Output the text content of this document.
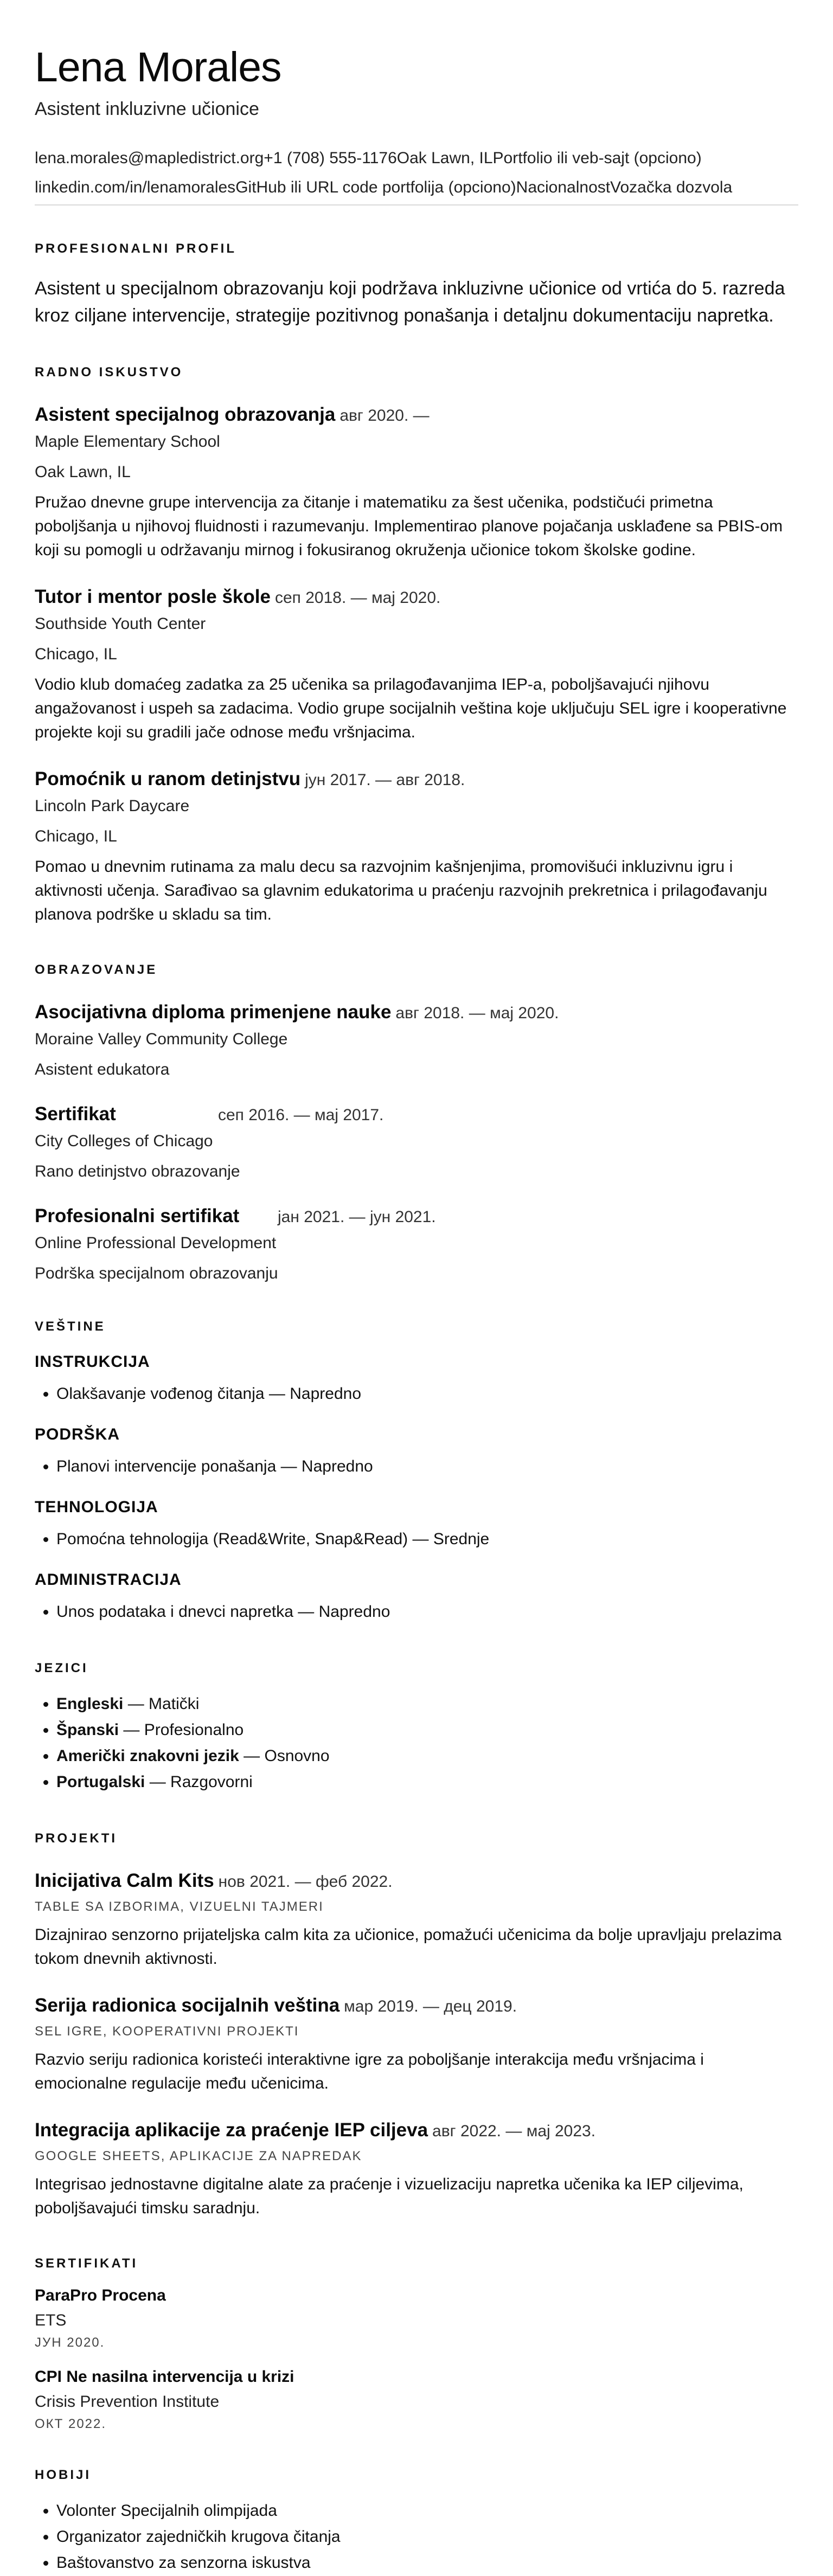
Lena Morales
Asistent inkluzivne učionice
lena.morales@mapledistrict.org+1 (708) 555-1176Oak Lawn, ILPortfolio ili veb-sajt (opciono)
linkedin.com/in/lenamoralesGitHub ili URL code portfolija (opciono)NacionalnostVozačka dozvola
PROFESIONALNI PROFIL
Asistent u specijalnom obrazovanju koji podržava inkluzivne učionice od vrtića do 5. razreda kroz ciljane intervencije, strategije pozitivnog ponašanja i detaljnu dokumentaciju napretka.
RADNO ISKUSTVO
Asistent specijalnog obrazovanja авг 2020. —
Maple Elementary School
Oak Lawn, IL
Pružao dnevne grupe intervencija za čitanje i matematiku za šest učenika, podstičući primetna poboljšanja u njihovoj fluidnosti i razumevanju. Implementirao planove pojačanja usklađene sa PBIS-om koji su pomogli u održavanju mirnog i fokusiranog okruženja učionice tokom školske godine.
Tutor i mentor posle škole сеп 2018. — мај 2020.
Southside Youth Center
Chicago, IL
Vodio klub domaćeg zadatka za 25 učenika sa prilagođavanjima IEP-a, poboljšavajući njihovu angažovanost i uspeh sa zadacima. Vodio grupe socijalnih veština koje uključuju SEL igre i kooperativne projekte koji su gradili jače odnose među vršnjacima.
Pomoćnik u ranom detinjstvu јун 2017. — авг 2018.
Lincoln Park Daycare
Chicago, IL
Pomao u dnevnim rutinama za malu decu sa razvojnim kašnjenjima, promovišući inkluzivnu igru i aktivnosti učenja. Sarađivao sa glavnim edukatorima u praćenju razvojnih prekretnica i prilagođavanju planova podrške u skladu sa tim.
OBRAZOVANJE
Asocijativna diploma primenjene nauke авг 2018. — мај 2020.
Moraine Valley Community College
Asistent edukatora
Sertifikat	сеп 2016. — мај 2017.
City Colleges of Chicago
Rano detinjstvo obrazovanje
Profesionalni sertifikat	јан 2021. — јун 2021.
Online Professional Development
Podrška specijalnom obrazovanju
VEŠTINE
INSTRUKCIJA
• Olakšavanje vođenog čitanja — Napredno
PODRŠKA
• Planovi intervencije ponašanja — Napredno
TEHNOLOGIJA
• Pomoćna tehnologija (Read&Write, Snap&Read) — Srednje
ADMINISTRACIJA
• Unos podataka i dnevci napretka — Napredno
JEZICI
• Engleski — Matički
• Španski — Profesionalno
• Američki znakovni jezik — Osnovno
• Portugalski — Razgovorni
PROJEKTI
Inicijativa Calm Kits нов 2021. — феб 2022.
TABLE SA IZBORIMA, VIZUELNI TAJMERI
Dizajnirao senzorno prijateljska calm kita za učionice, pomažući učenicima da bolje upravljaju prelazima tokom dnevnih aktivnosti.
Serija radionica socijalnih veština мар 2019. — дец 2019.
SEL IGRE, KOOPERATIVNI PROJEKTI
Razvio seriju radionica koristeći interaktivne igre za poboljšanje interakcija među vršnjacima i emocionalne regulacije među učenicima.
Integracija aplikacije za praćenje IEP ciljeva авг 2022. — мај 2023.
GOOGLE SHEETS, APLIKACIJE ZA NAPREDAK
Integrisao jednostavne digitalne alate za praćenje i vizuelizaciju napretka učenika ka IEP ciljevima, poboljšavajući timsku saradnju.
SERTIFIKATI
ParaPro Procena
ETS
ЈУН 2020.
CPI Ne nasilna intervencija u krizi
Crisis Prevention Institute
ОКТ 2022.
HOBIJI
• Volonter Specijalnih olimpijada
• Organizator zajedničkih krugova čitanja
• Baštovanstvo za senzorna iskustva
